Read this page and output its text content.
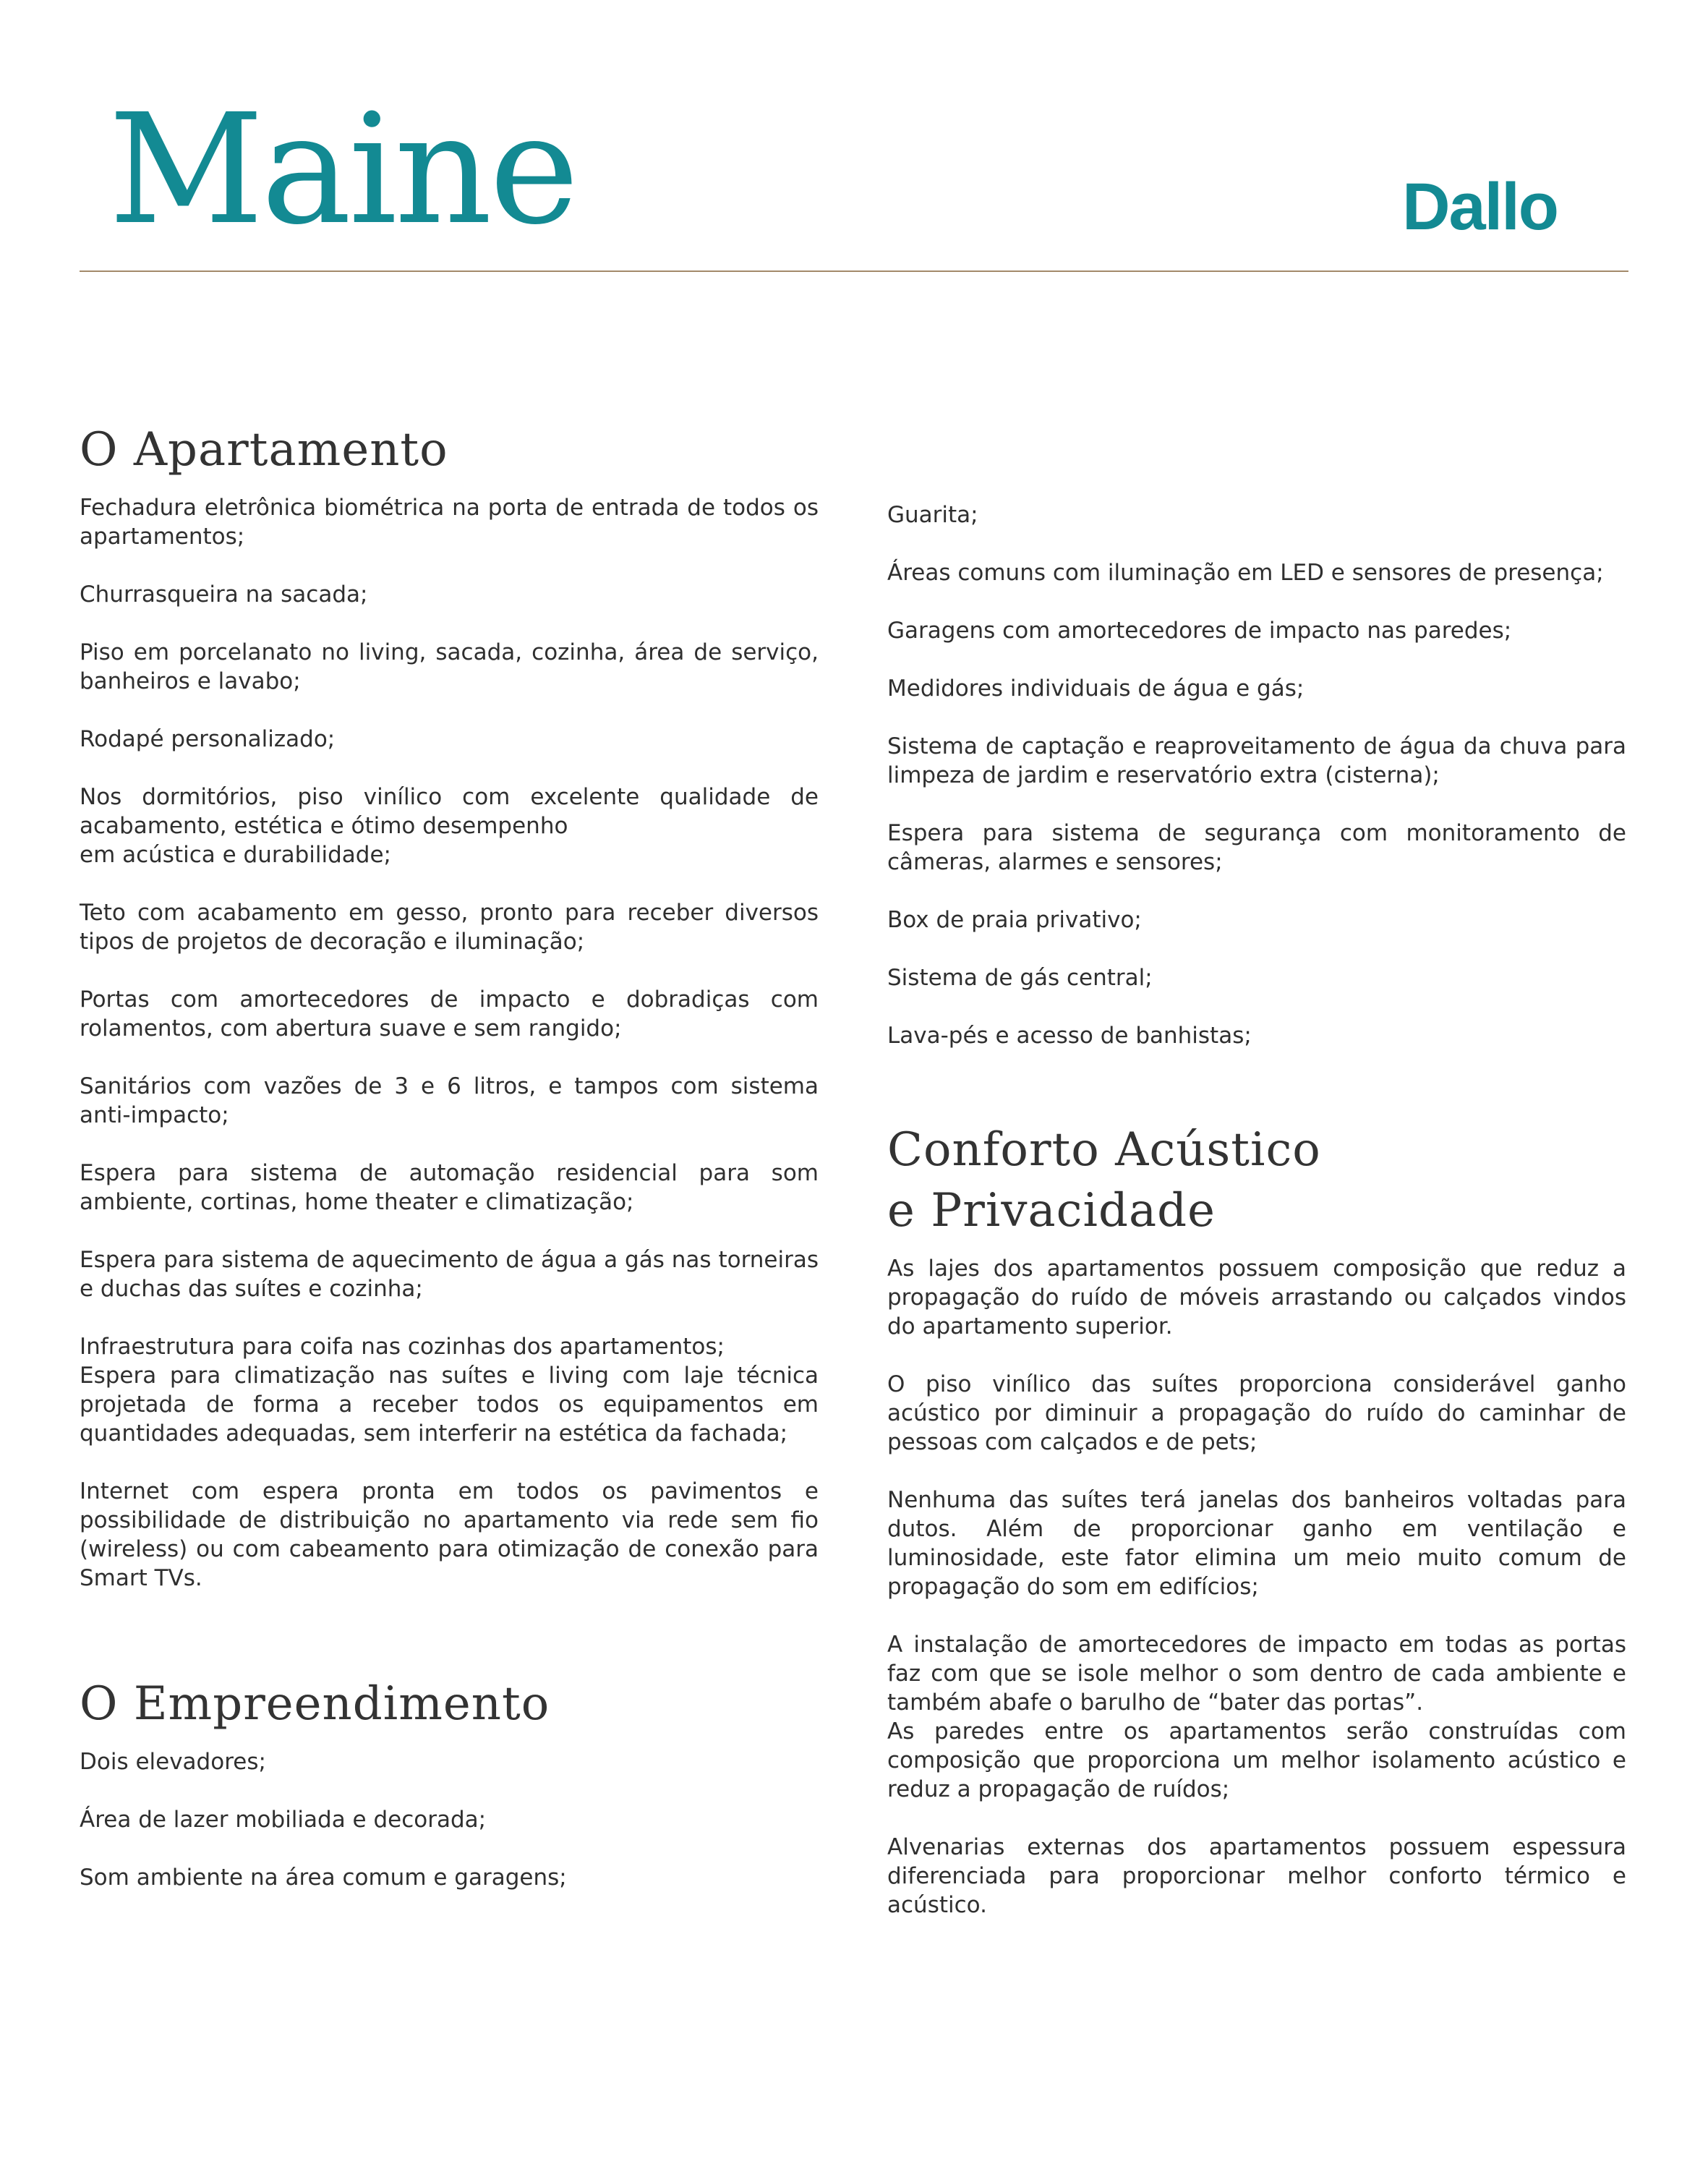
Maine	Dallo
O Apartamento

Fechadura eletrônica biométrica na porta de entrada de todos os apartamentos;

Churrasqueira na sacada;

Piso em porcelanato no living, sacada, cozinha, área de serviço, banheiros e lavabo;

Rodapé personalizado;

Nos dormitórios, piso vinílico com excelente qualidade de acabamento, estética e ótimo desempenho
em acústica e durabilidade;

Teto com acabamento em gesso, pronto para receber diversos tipos de projetos de decoração e iluminação;

Portas com amortecedores de impacto e dobradiças com rolamentos, com abertura suave e sem rangido;

Sanitários com vazões de 3 e 6 litros, e tampos com sistema anti-impacto;

Espera para sistema de automação residencial para som ambiente, cortinas, home theater e climatização;

Espera para sistema de aquecimento de água a gás nas torneiras e duchas das suítes e cozinha;

Infraestrutura para coifa nas cozinhas dos apartamentos;
Espera para climatização nas suítes e living com laje técnica projetada de forma a receber todos os equipamentos em quantidades adequadas, sem interferir na estética da fachada;

Internet com espera pronta em todos os pavimentos e possibilidade de distribuição no apartamento via rede sem fio (wireless) ou com cabeamento para otimização de conexão para Smart TVs.

O Empreendimento

Dois elevadores;

Área de lazer mobiliada e decorada;

Som ambiente na área comum e garagens;

Guarita;

Áreas comuns com iluminação em LED e sensores de presença;

Garagens com amortecedores de impacto nas paredes;

Medidores individuais de água e gás;

Sistema de captação e reaproveitamento de água da chuva para limpeza de jardim e reservatório extra (cisterna);

Espera para sistema de segurança com monitoramento de câmeras, alarmes e sensores;

Box de praia privativo;

Sistema de gás central;

Lava-pés e acesso de banhistas;

Conforto Acústico
e Privacidade

As lajes dos apartamentos possuem composição que reduz a propagação do ruído de móveis arrastando ou calçados vindos do apartamento superior.

O piso vinílico das suítes proporciona considerável ganho acústico por diminuir a propagação do ruído do caminhar de pessoas com calçados e de pets;

Nenhuma das suítes terá janelas dos banheiros voltadas para dutos. Além de proporcionar ganho em ventilação e luminosidade, este fator elimina um meio muito comum de propagação do som em edifícios;

A instalação de amortecedores de impacto em todas as portas faz com que se isole melhor o som dentro de cada ambiente e também abafe o barulho de “bater das portas”.
As paredes entre os apartamentos serão construídas com composição que proporciona um melhor isolamento acústico e reduz a propagação de ruídos;

Alvenarias externas dos apartamentos possuem espessura diferenciada para proporcionar melhor conforto térmico e acústico.
